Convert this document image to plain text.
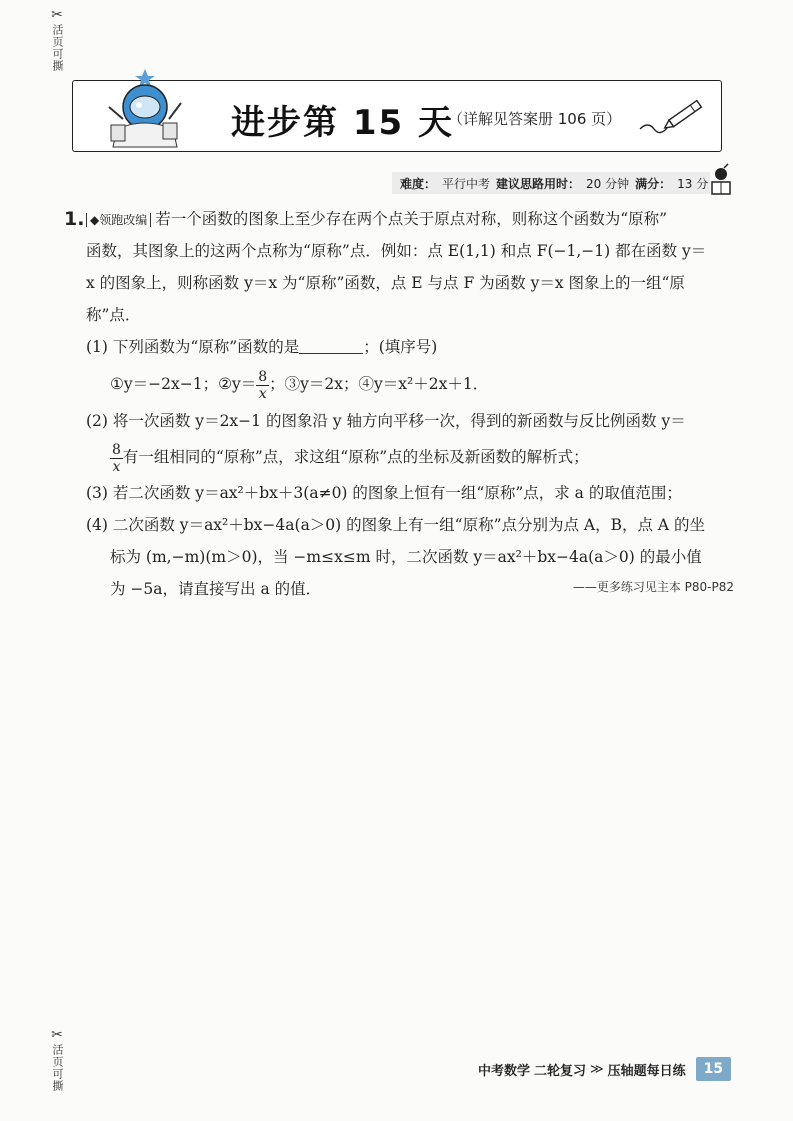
✂
活页可撕
✂
活页可撕
进步第 15 天
（详解见答案册 106 页）
难度： 平行中考 建议思路用时： 20 分钟 满分： 13 分
1. ◆领跑改编 若一个函数的图象上至少存在两个点关于原点对称，则称这个函数为“原称”
函数，其图象上的这两个点称为“原称”点．例如：点 E(1,1) 和点 F(−1,−1) 都在函数 y＝
x 的图象上，则称函数 y＝x 为“原称”函数，点 E 与点 F 为函数 y＝x 图象上的一组“原
称”点．
(1) 下列函数为“原称”函数的是	；(填序号)
①y＝−2x−1；②y＝ $\frac{8}{x}$ ；③y＝2x；④y＝x²＋2x＋1．
(2) 将一次函数 y＝2x−1 的图象沿 y 轴方向平移一次，得到的新函数与反比例函数 y＝
$\frac{8}{x}$ 有一组相同的“原称”点，求这组“原称”点的坐标及新函数的解析式；
(3) 若二次函数 y＝ax²＋bx＋3(a≠0) 的图象上恒有一组“原称”点，求 a 的取值范围；
(4) 二次函数 y＝ax²＋bx−4a(a＞0) 的图象上有一组“原称”点分别为点 A，B，点 A 的坐
标为 (m,−m)(m＞0)，当 −m≤x≤m 时，二次函数 y＝ax²＋bx−4a(a＞0) 的最小值
为 −5a，请直接写出 a 的值．	——更多练习见主本 P80-P82
中考数学 二轮复习 ≫ 压轴题每日练	15
